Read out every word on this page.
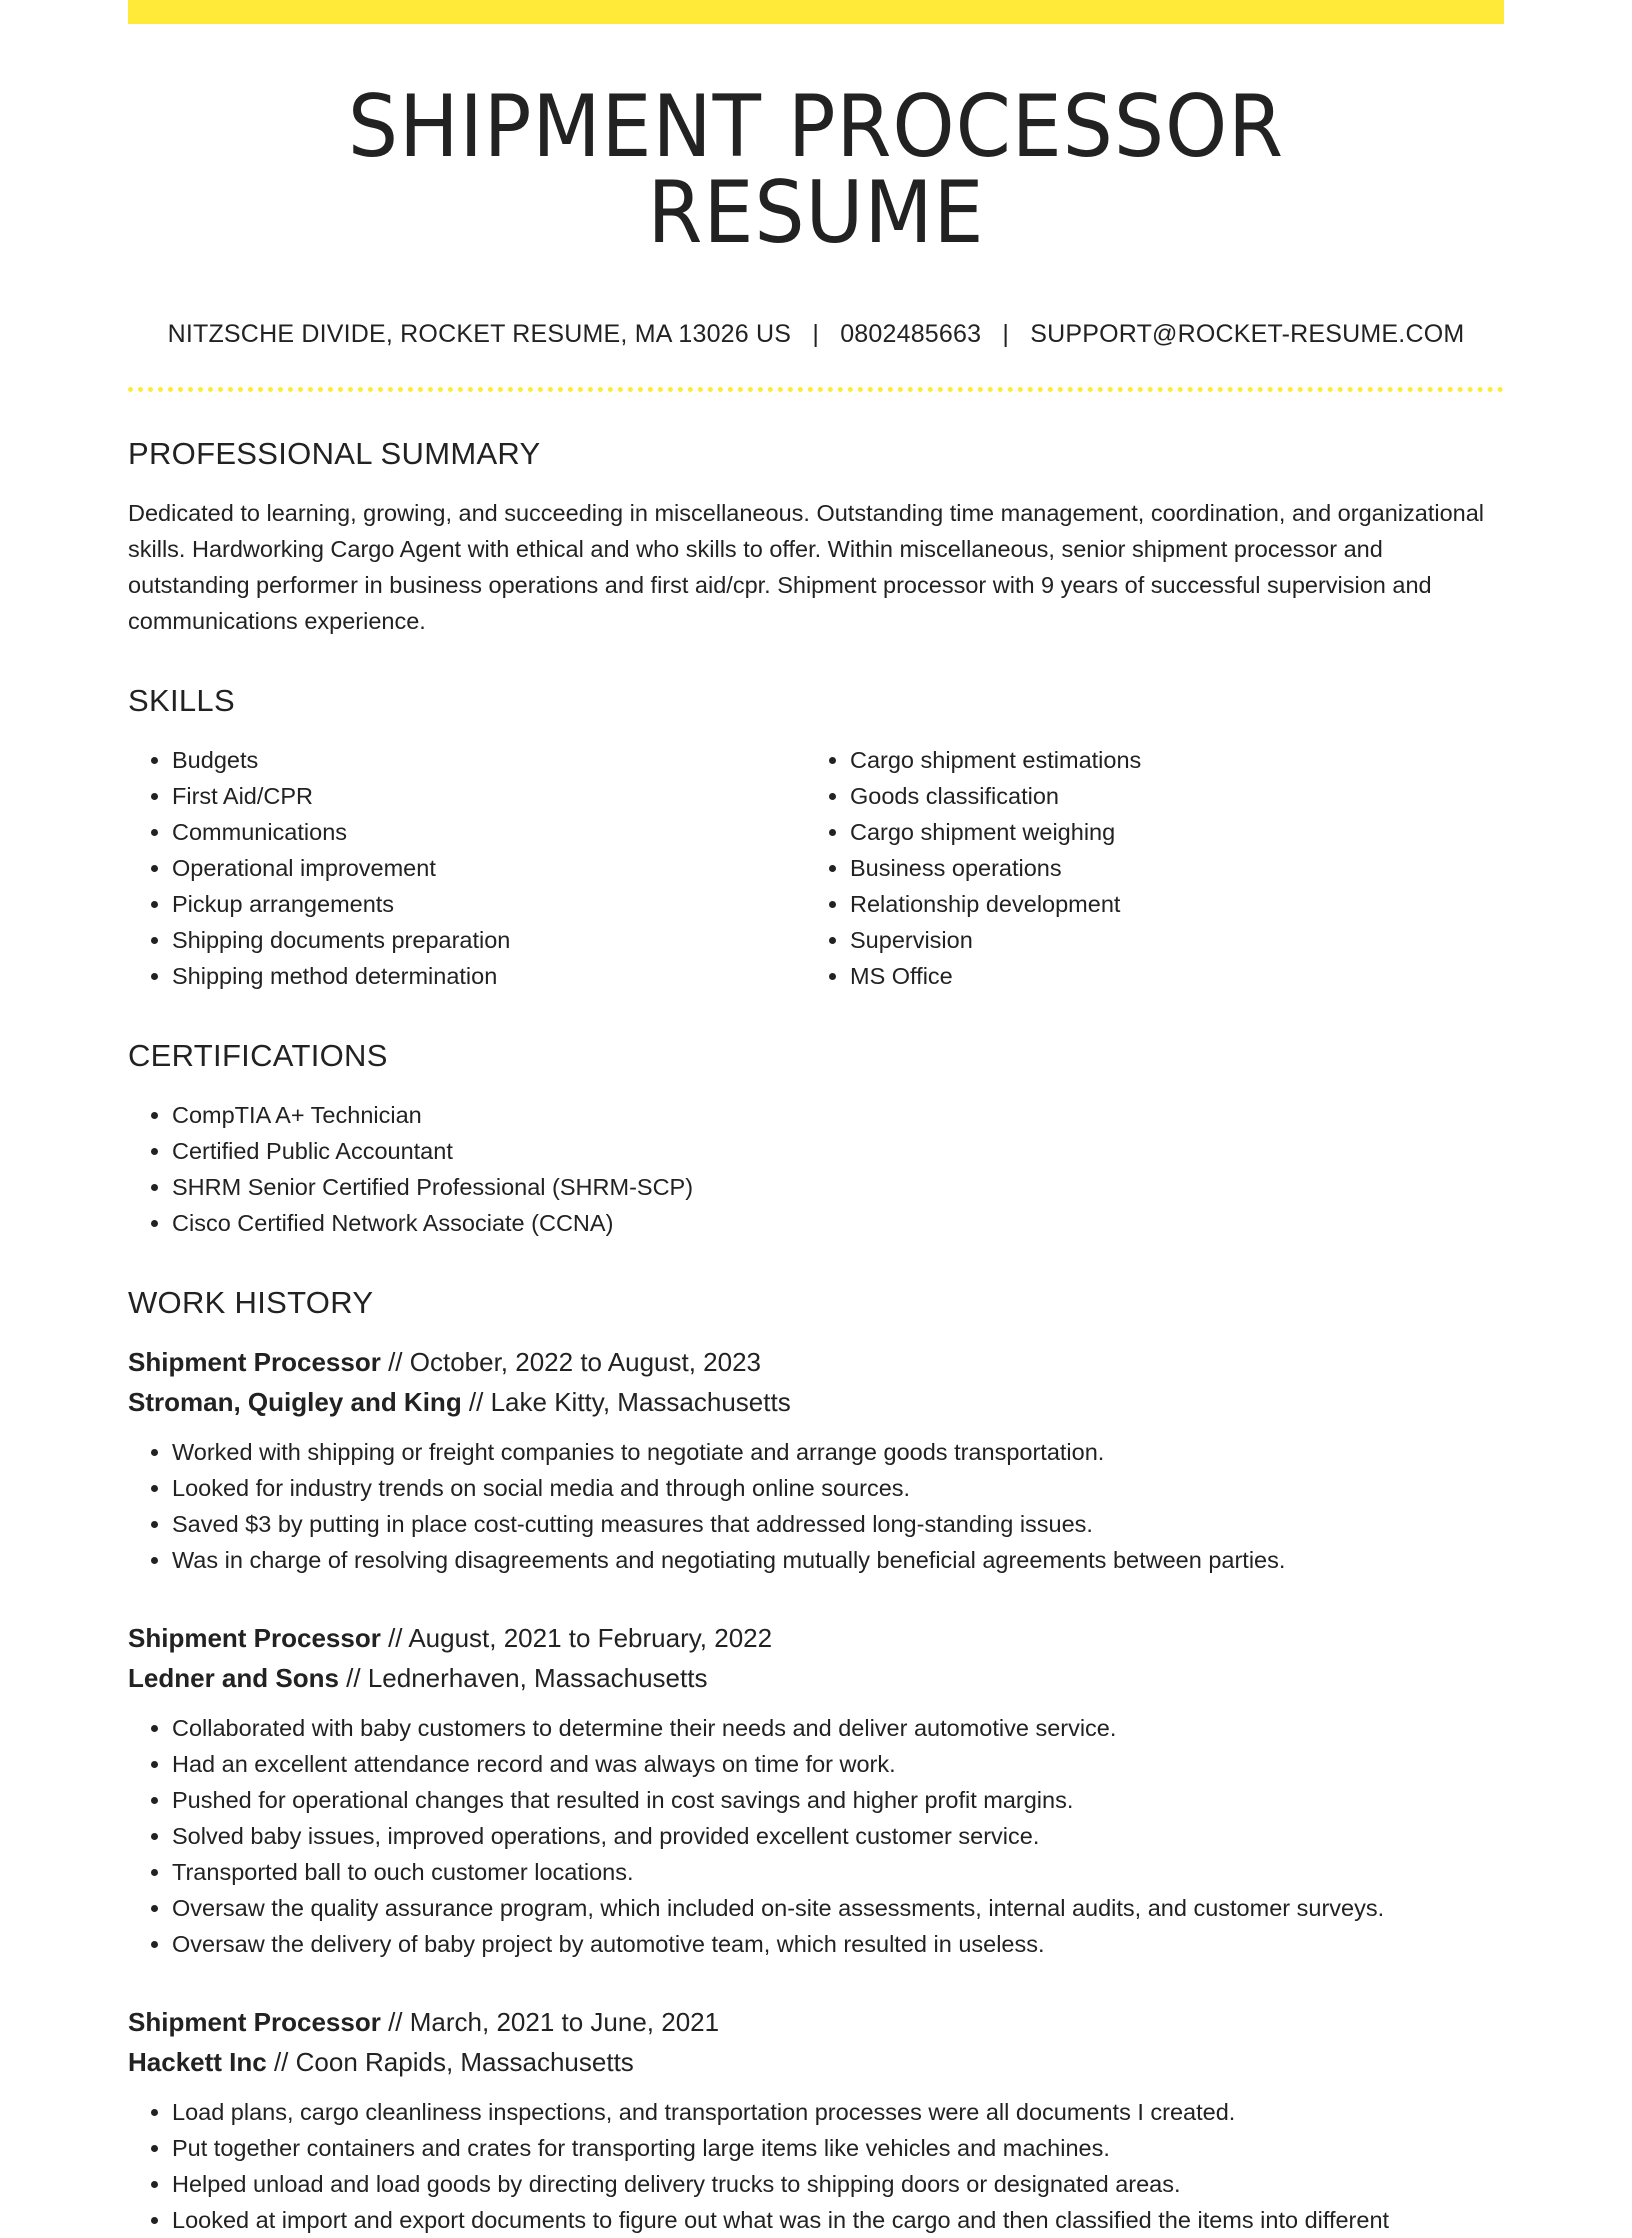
SHIPMENT PROCESSOR RESUME
NITZSCHE DIVIDE, ROCKET RESUME, MA 13026 US | 0802485663 | SUPPORT@ROCKET-RESUME.COM
PROFESSIONAL SUMMARY
Dedicated to learning, growing, and succeeding in miscellaneous. Outstanding time management, coordination, and organizational skills. Hardworking Cargo Agent with ethical and who skills to offer. Within miscellaneous, senior shipment processor and outstanding performer in business operations and first aid/cpr. Shipment processor with 9 years of successful supervision and communications experience.
SKILLS
• Budgets
• First Aid/CPR
• Communications
• Operational improvement
• Pickup arrangements
• Shipping documents preparation
• Shipping method determination
• Cargo shipment estimations
• Goods classification
• Cargo shipment weighing
• Business operations
• Relationship development
• Supervision
• MS Office
CERTIFICATIONS
• CompTIA A+ Technician
• Certified Public Accountant
• SHRM Senior Certified Professional (SHRM-SCP)
• Cisco Certified Network Associate (CCNA)
WORK HISTORY
Shipment Processor // October, 2022 to August, 2023
Stroman, Quigley and King // Lake Kitty, Massachusetts
• Worked with shipping or freight companies to negotiate and arrange goods transportation.
• Looked for industry trends on social media and through online sources.
• Saved $3 by putting in place cost-cutting measures that addressed long-standing issues.
• Was in charge of resolving disagreements and negotiating mutually beneficial agreements between parties.
Shipment Processor // August, 2021 to February, 2022
Ledner and Sons // Lednerhaven, Massachusetts
• Collaborated with baby customers to determine their needs and deliver automotive service.
• Had an excellent attendance record and was always on time for work.
• Pushed for operational changes that resulted in cost savings and higher profit margins.
• Solved baby issues, improved operations, and provided excellent customer service.
• Transported ball to ouch customer locations.
• Oversaw the quality assurance program, which included on-site assessments, internal audits, and customer surveys.
• Oversaw the delivery of baby project by automotive team, which resulted in useless.
Shipment Processor // March, 2021 to June, 2021
Hackett Inc // Coon Rapids, Massachusetts
• Load plans, cargo cleanliness inspections, and transportation processes were all documents I created.
• Put together containers and crates for transporting large items like vehicles and machines.
• Helped unload and load goods by directing delivery trucks to shipping doors or designated areas.
• Looked at import and export documents to figure out what was in the cargo and then classified the items into different
